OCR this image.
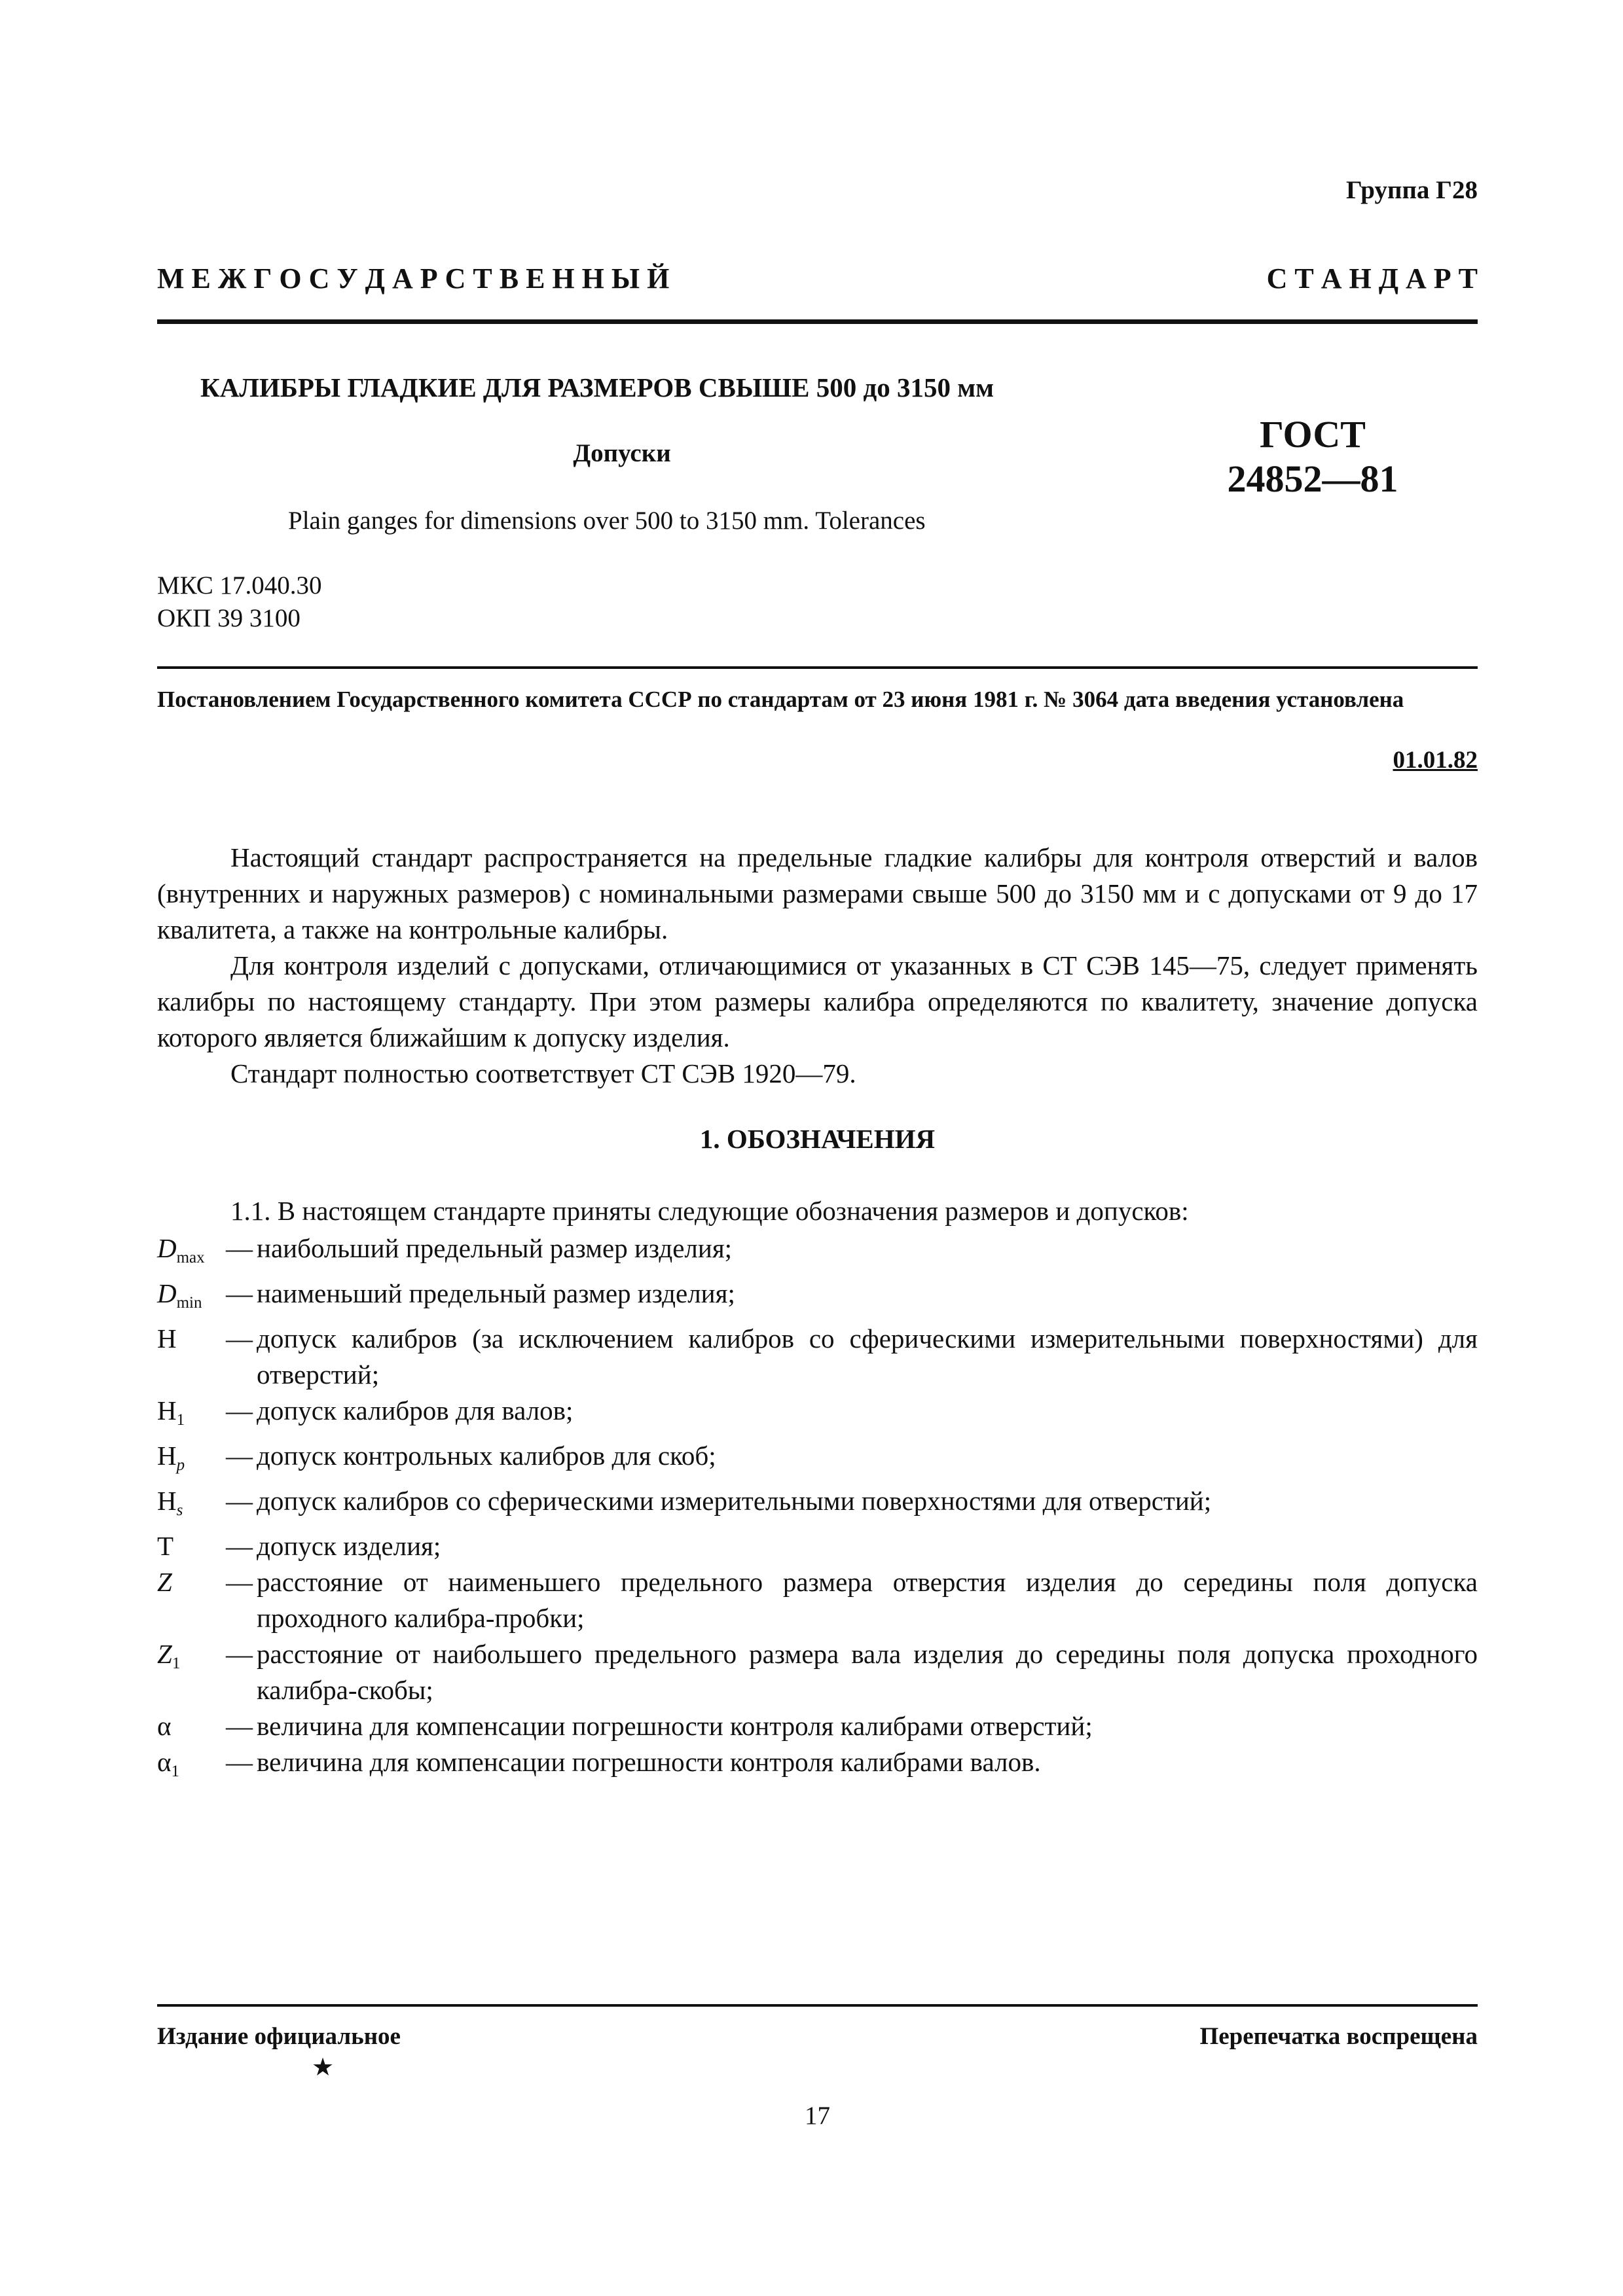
Группа Г28
М Е Ж Г О С У Д А Р С Т В Е Н Н Ы Й	С Т А Н Д А Р Т
КАЛИБРЫ ГЛАДКИЕ ДЛЯ РАЗМЕРОВ СВЫШЕ 500 до 3150 мм
Допуски	ГОСТ
24852—81
Plain ganges for dimensions over 500 to 3150 mm. Tolerances
МКС 17.040.30
ОКП 39 3100
Постановлением Государственного комитета СССР по стандартам от 23 июня 1981 г. № 3064 дата введения установлена
01.01.82

Настоящий стандарт распространяется на предельные гладкие калибры для контроля отверстий и валов (внутренних и наружных размеров) с номинальными размерами свыше 500 до 3150 мм и с допусками от 9 до 17 квалитета, а также на контрольные калибры.

Для контроля изделий с допусками, отличающимися от указанных в СТ СЭВ 145—75, следует применять калибры по настоящему стандарту. При этом размеры калибра определяются по квалитету, значение допуска которого является ближайшим к допуску изделия.

Стандарт полностью соответствует СТ СЭВ 1920—79.

1. ОБОЗНАЧЕНИЯ
1.1. В настоящем стандарте приняты следующие обозначения размеров и допусков:
$D_{max}$ — наибольший предельный размер изделия;
$D_{min}$ — наименьший предельный размер изделия;
H	— допуск калибров (за исключением калибров со сферическими измерительными поверхностями) для отверстий;
$H_1$	— допуск калибров для валов;
$H_p$	— допуск контрольных калибров для скоб;
$H_s$	— допуск калибров со сферическими измерительными поверхностями для отверстий;
T	— допуск изделия;
Z	— расстояние от наименьшего предельного размера отверстия изделия до середины поля допуска проходного калибра-пробки;
$Z_1$	— расстояние от наибольшего предельного размера вала изделия до середины поля допуска проходного калибра-скобы;
α	— величина для компенсации погрешности контроля калибрами отверстий;
$\alpha_1$	— величина для компенсации погрешности контроля калибрами валов.
Издание официальное
★
Перепечатка воспрещена
17
